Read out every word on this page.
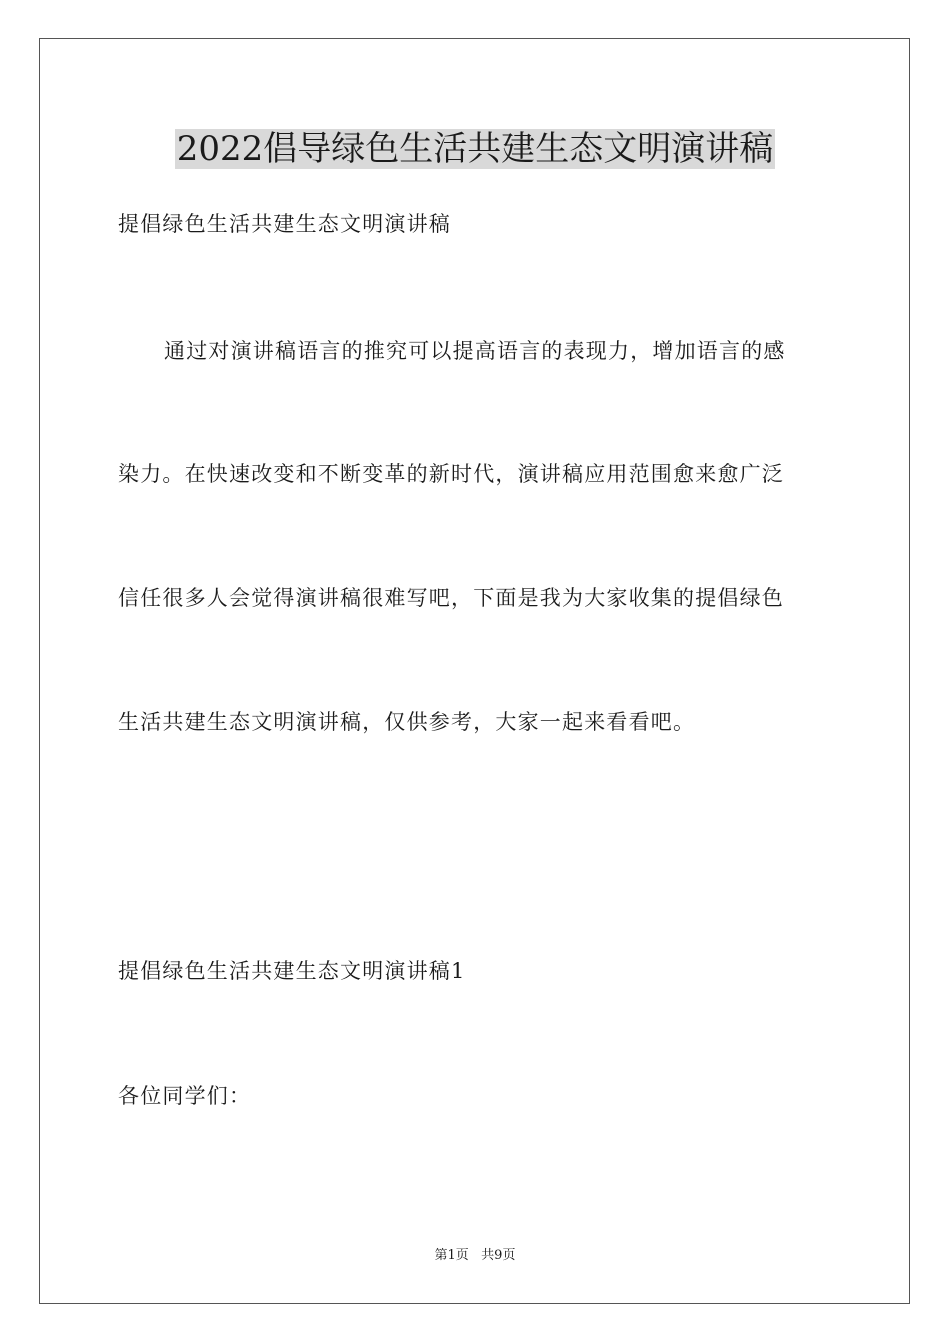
2022倡导绿色生活共建生态文明演讲稿

提倡绿色生活共建生态文明演讲稿

通过对演讲稿语言的推究可以提高语言的表现力，增加语言的感

染力。在快速改变和不断变革的新时代，演讲稿应用范围愈来愈广泛

信任很多人会觉得演讲稿很难写吧，下面是我为大家收集的提倡绿色

生活共建生态文明演讲稿，仅供参考，大家一起来看看吧。

提倡绿色生活共建生态文明演讲稿1

各位同学们：

第1页   共9页
